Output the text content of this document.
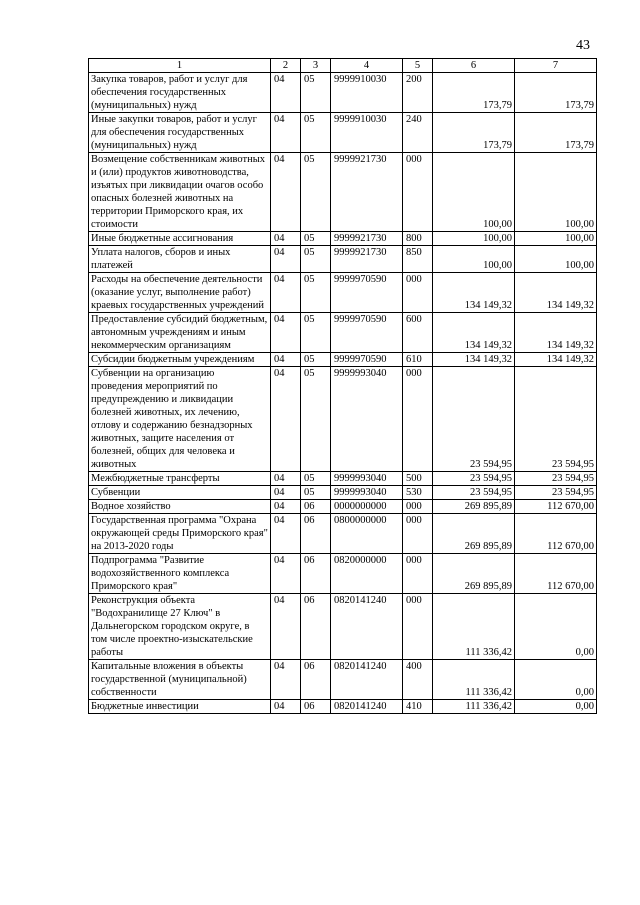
43
1	2	3	4	5	6	7
Закупка товаров, работ и услуг для обеспечения государственных (муниципальных) нужд	04	05	9999910030	200	173,79	173,79
Иные закупки товаров, работ и услуг для обеспечения государственных (муниципальных) нужд	04	05	9999910030	240	173,79	173,79
Возмещение собственникам животных и (или) продуктов животноводства, изъятых при ликвидации очагов особо опасных болезней животных на территории Приморского края, их стоимости	04	05	9999921730	000	100,00	100,00
Иные бюджетные ассигнования	04	05	9999921730	800	100,00	100,00
Уплата налогов, сборов и иных платежей	04	05	9999921730	850	100,00	100,00
Расходы на обеспечение деятельности (оказание услуг, выполнение работ) краевых государственных учреждений	04	05	9999970590	000	134 149,32	134 149,32
Предоставление субсидий бюджетным, автономным учреждениям и иным некоммерческим организациям	04	05	9999970590	600	134 149,32	134 149,32
Субсидии бюджетным учреждениям	04	05	9999970590	610	134 149,32	134 149,32
Субвенции на организацию проведения мероприятий по предупреждению и ликвидации болезней животных, их лечению, отлову и содержанию безнадзорных животных, защите населения от болезней, общих для человека и животных	04	05	9999993040	000	23 594,95	23 594,95
Межбюджетные трансферты	04	05	9999993040	500	23 594,95	23 594,95
Субвенции	04	05	9999993040	530	23 594,95	23 594,95
Водное хозяйство	04	06	0000000000	000	269 895,89	112 670,00
Государственная программа "Охрана окружающей среды Приморского края" на 2013-2020 годы	04	06	0800000000	000	269 895,89	112 670,00
Подпрограмма "Развитие водохозяйственного комплекса Приморского края"	04	06	0820000000	000	269 895,89	112 670,00
Реконструкция объекта "Водохранилище 27 Ключ" в Дальнегорском городском округе, в том числе проектно-изыскательские работы	04	06	0820141240	000	111 336,42	0,00
Капитальные вложения в объекты государственной (муниципальной) собственности	04	06	0820141240	400	111 336,42	0,00
Бюджетные инвестиции	04	06	0820141240	410	111 336,42	0,00
